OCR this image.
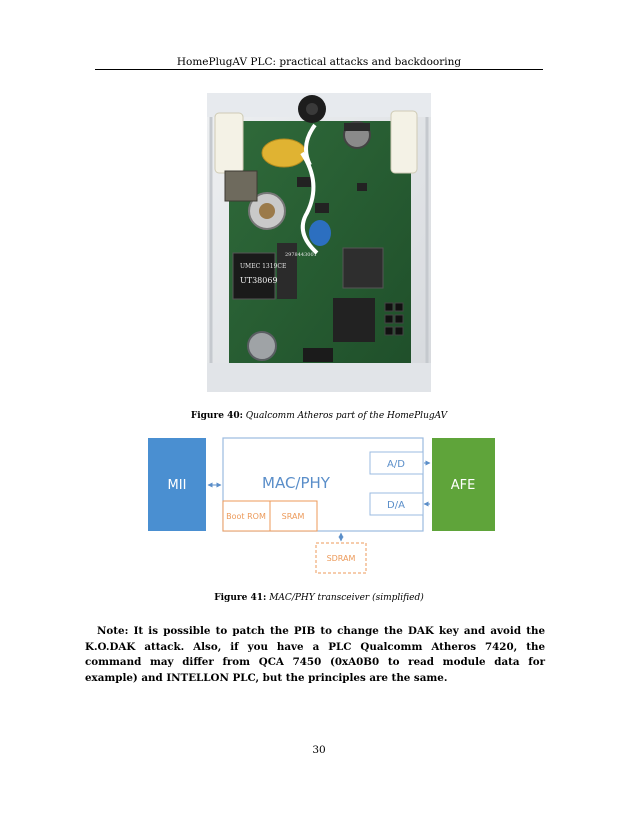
HomePlugAV PLC: practical attacks and backdooring
2978443001
UMEC 1319CE
UT38069
Figure 40: Qualcomm Atheros part of the HomePlugAV
MII	MAC/PHY
A/D
D/A
AFE
Boot ROM SRAM
SDRAM
Figure 41: MAC/PHY transceiver (simplified)
Note: It is possible to patch the PIB to change the DAK key and avoid the K.O.DAK attack. Also, if you have a PLC Qualcomm Atheros 7420, the command may differ from QCA 7450 (0xA0B0 to read module data for example) and INTELLON PLC, but the principles are the same.
30
